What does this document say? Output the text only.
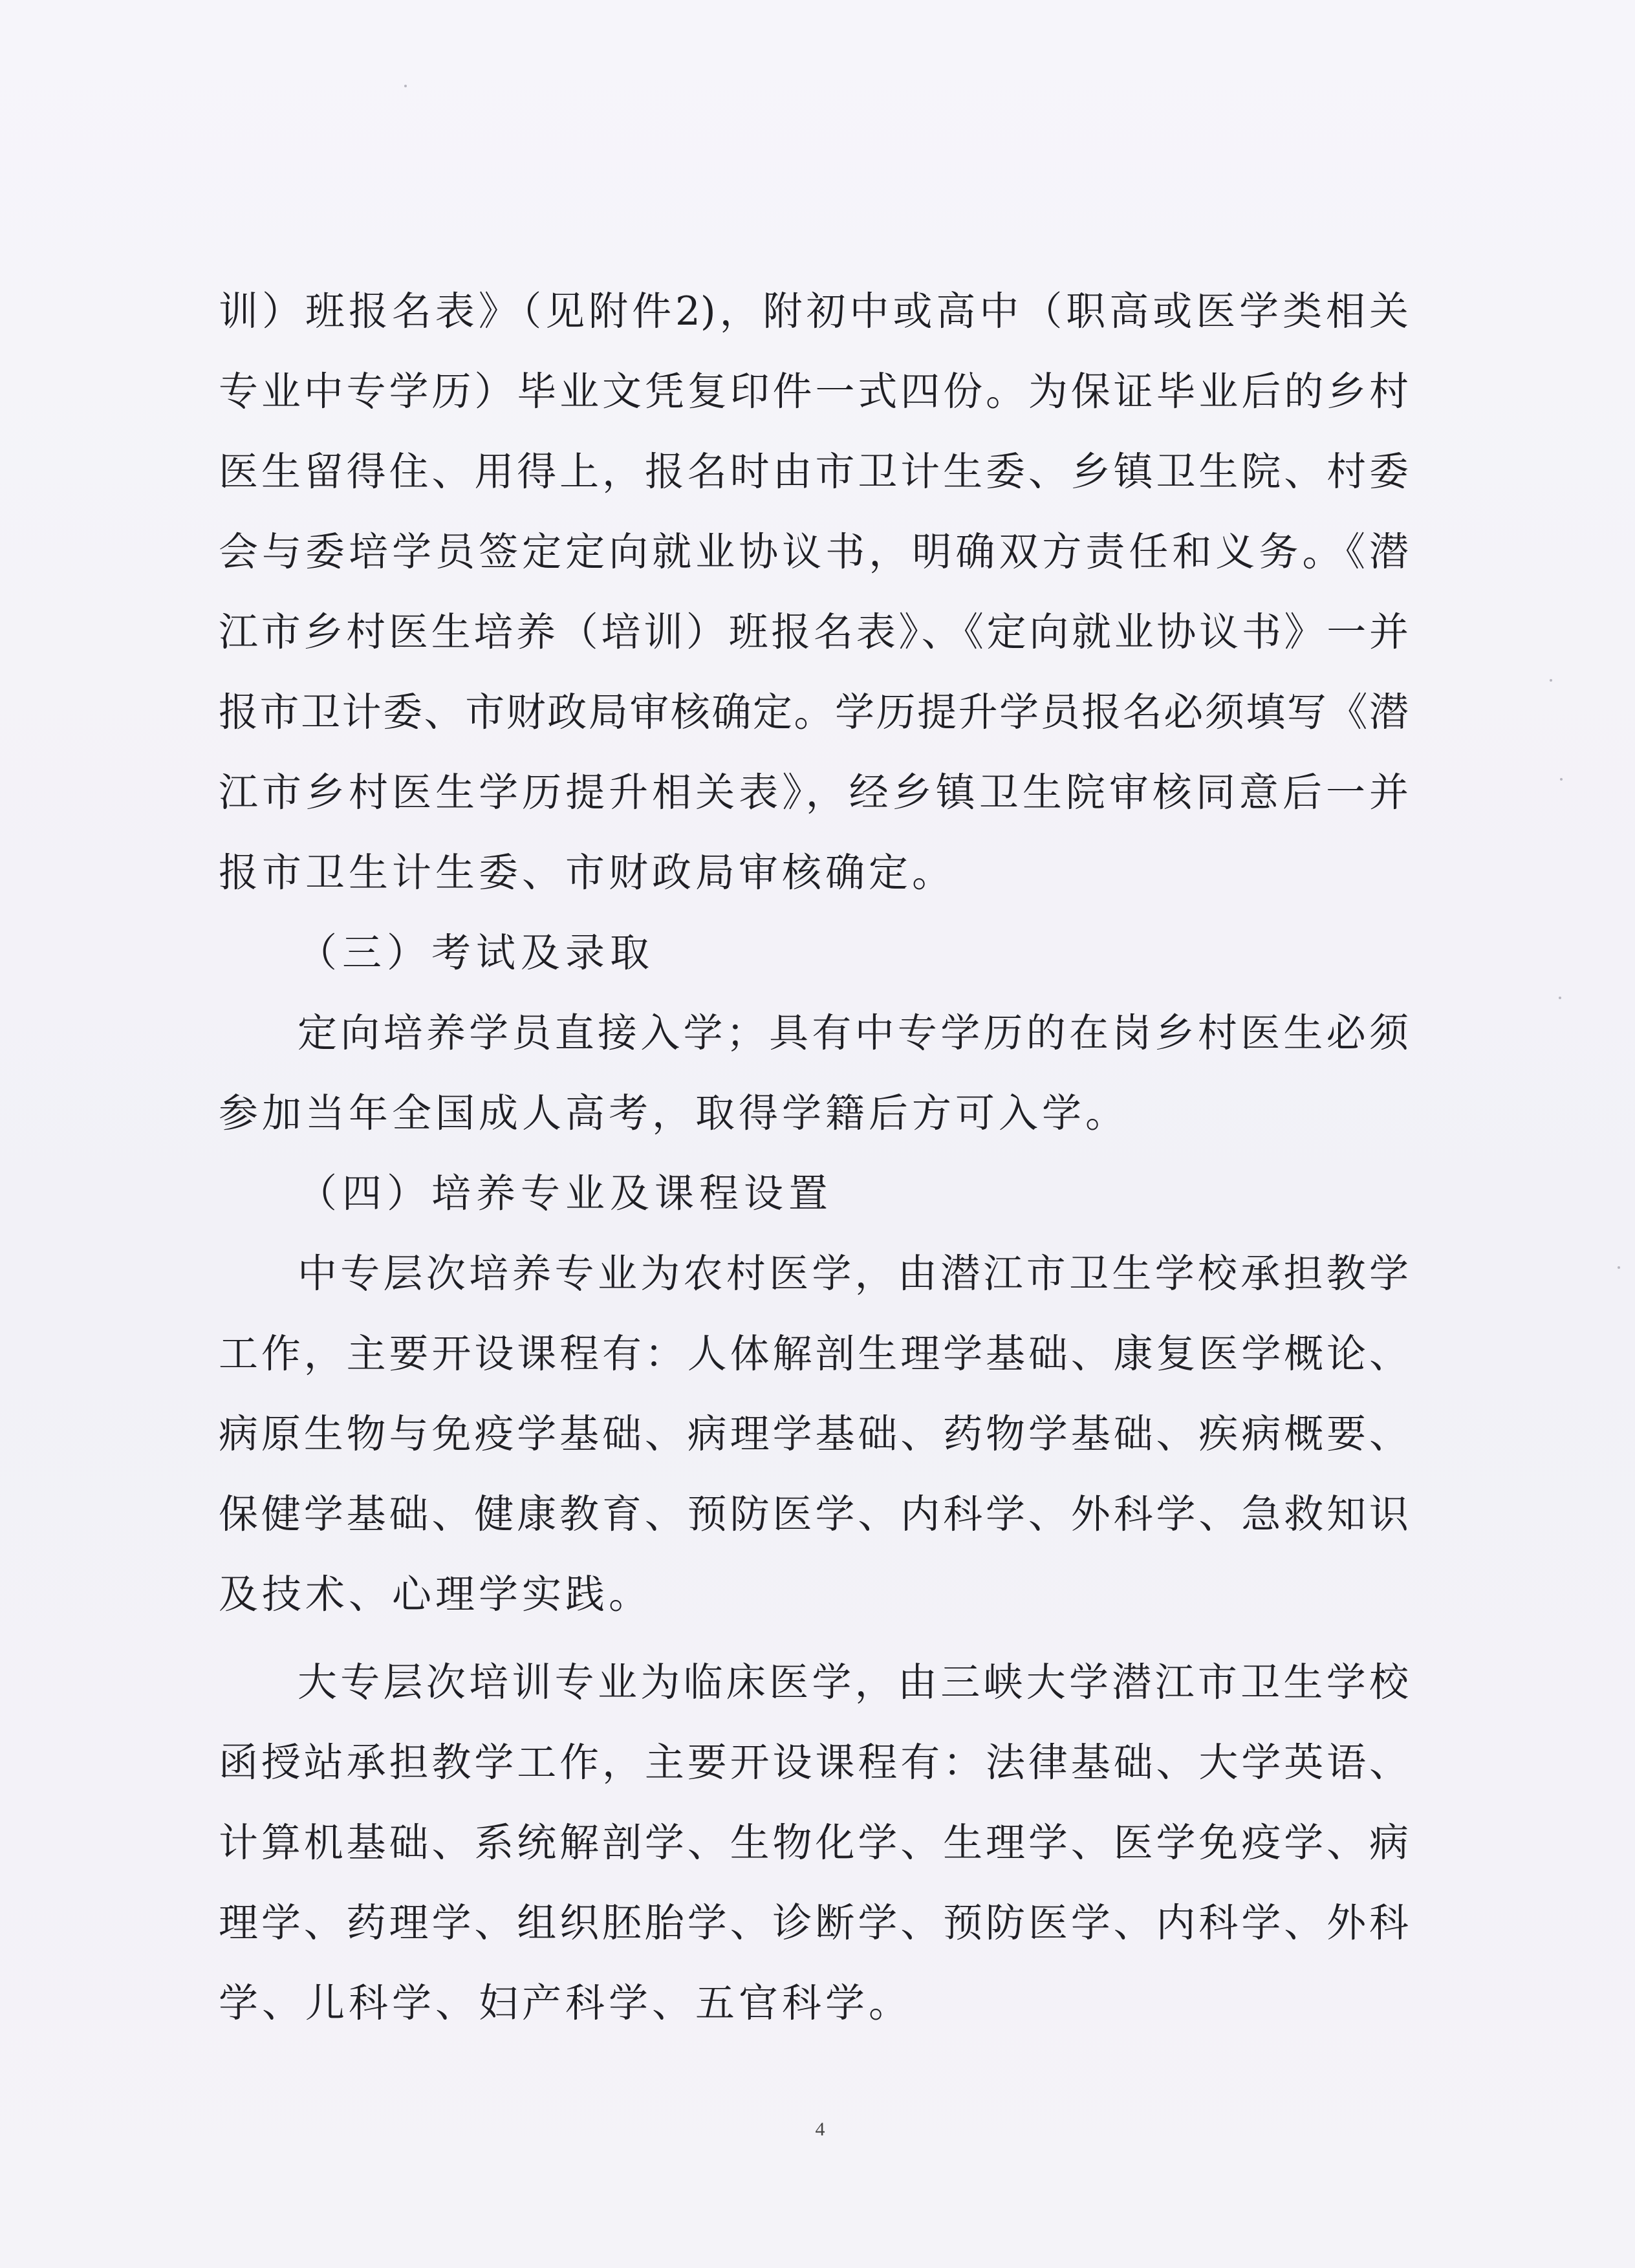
训）班报名表》（见附件2)，附初中或高中（职高或医学类相关
专业中专学历）毕业文凭复印件一式四份。为保证毕业后的乡村
医生留得住、用得上，报名时由市卫计生委、乡镇卫生院、村委
会与委培学员签定定向就业协议书，明确双方责任和义务。《潜
江市乡村医生培养（培训）班报名表》、《定向就业协议书》一并
报市卫计委、市财政局审核确定。学历提升学员报名必须填写《潜
江市乡村医生学历提升相关表》，经乡镇卫生院审核同意后一并
报市卫生计生委、市财政局审核确定。
（三）考试及录取
定向培养学员直接入学；具有中专学历的在岗乡村医生必须
参加当年全国成人高考，取得学籍后方可入学。
（四）培养专业及课程设置
中专层次培养专业为农村医学，由潜江市卫生学校承担教学
工作，主要开设课程有：人体解剖生理学基础、康复医学概论、
病原生物与免疫学基础、病理学基础、药物学基础、疾病概要、
保健学基础、健康教育、预防医学、内科学、外科学、急救知识
及技术、心理学实践。
大专层次培训专业为临床医学，由三峡大学潜江市卫生学校
函授站承担教学工作，主要开设课程有：法律基础、大学英语、
计算机基础、系统解剖学、生物化学、生理学、医学免疫学、病
理学、药理学、组织胚胎学、诊断学、预防医学、内科学、外科
学、儿科学、妇产科学、五官科学。
4
